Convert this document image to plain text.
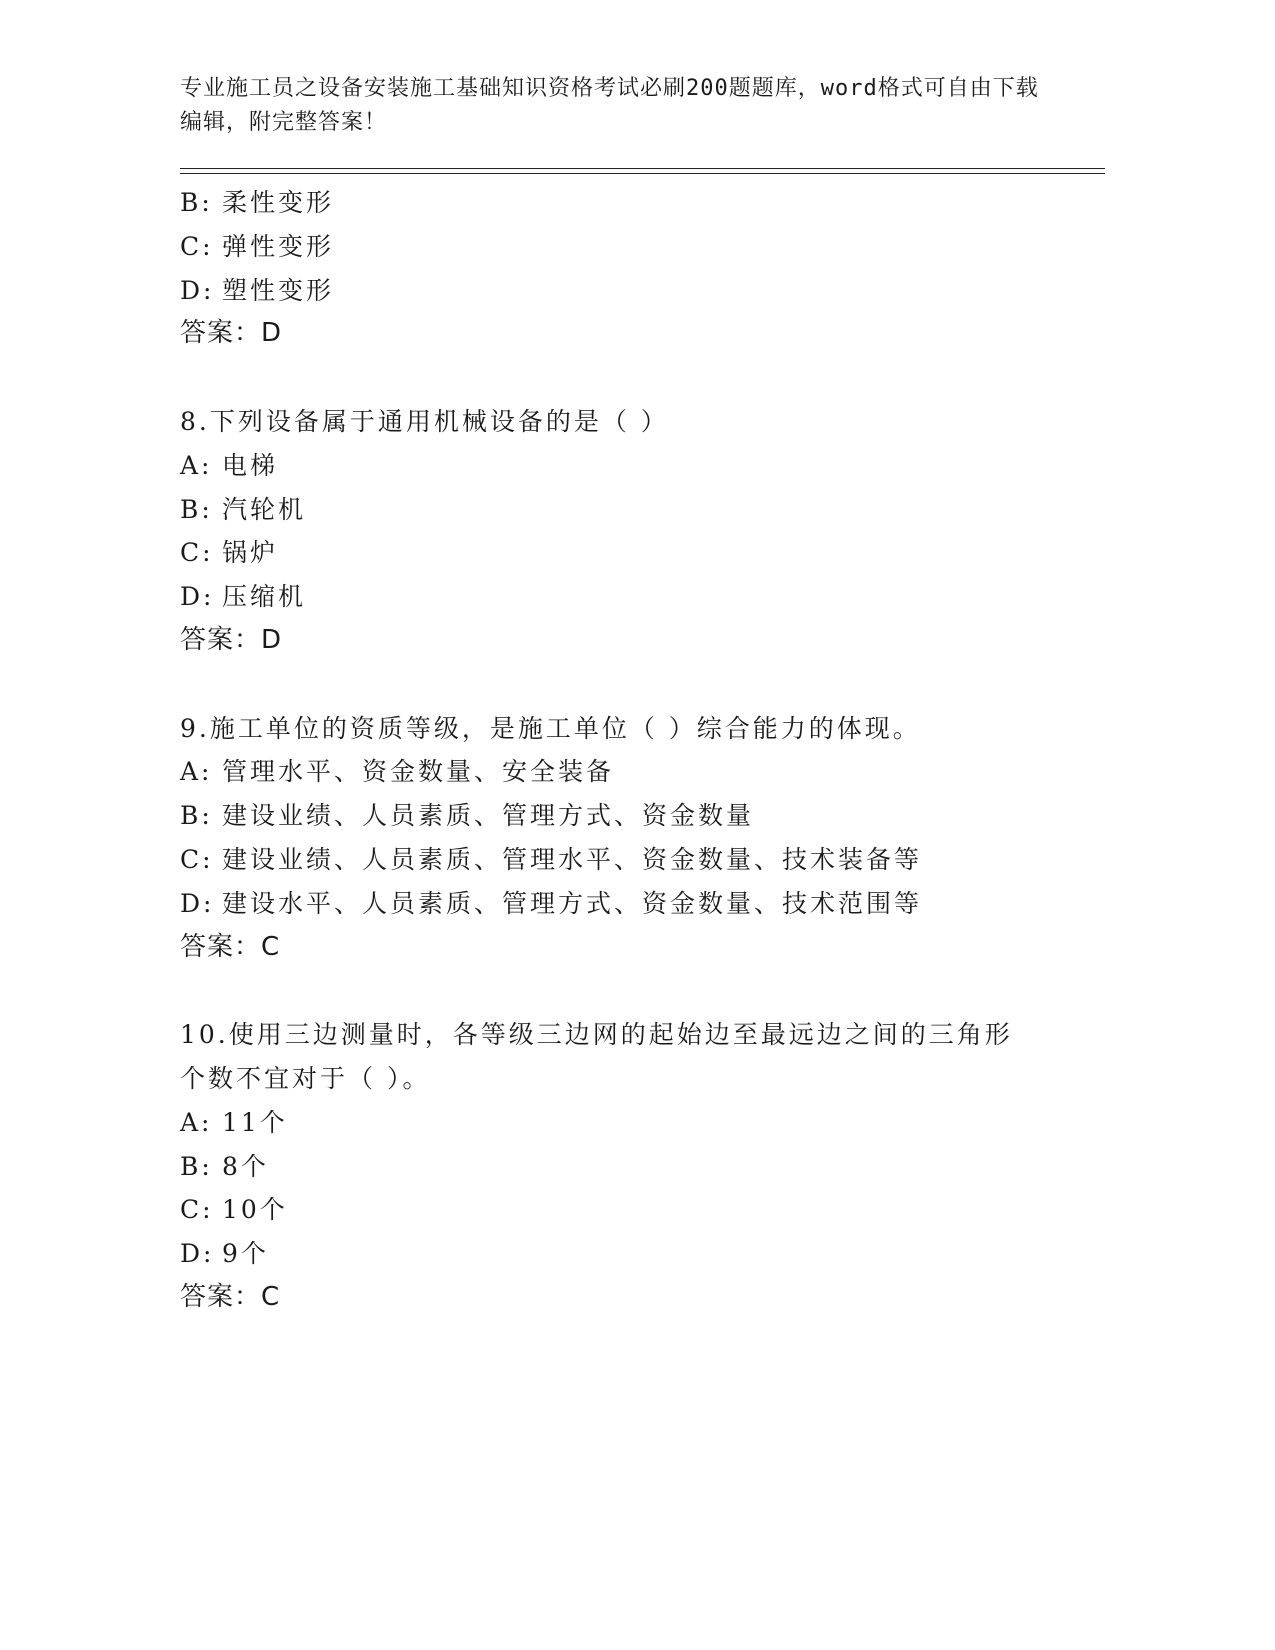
专业施工员之设备安装施工基础知识资格考试必刷200题题库，word格式可自由下载编辑，附完整答案！
B: 柔性变形
C: 弹性变形
D: 塑性变形
答案：D
8.下列设备属于通用机械设备的是（ ）
A: 电梯
B: 汽轮机
C: 锅炉
D: 压缩机
答案：D
9.施工单位的资质等级，是施工单位（ ）综合能力的体现。
A: 管理水平、资金数量、安全装备
B: 建设业绩、人员素质、管理方式、资金数量
C: 建设业绩、人员素质、管理水平、资金数量、技术装备等
D: 建设水平、人员素质、管理方式、资金数量、技术范围等
答案：C
10.使用三边测量时，各等级三边网的起始边至最远边之间的三角形个数不宜对于（ ）。
A: 11个
B: 8个
C: 10个
D: 9个
答案：C
